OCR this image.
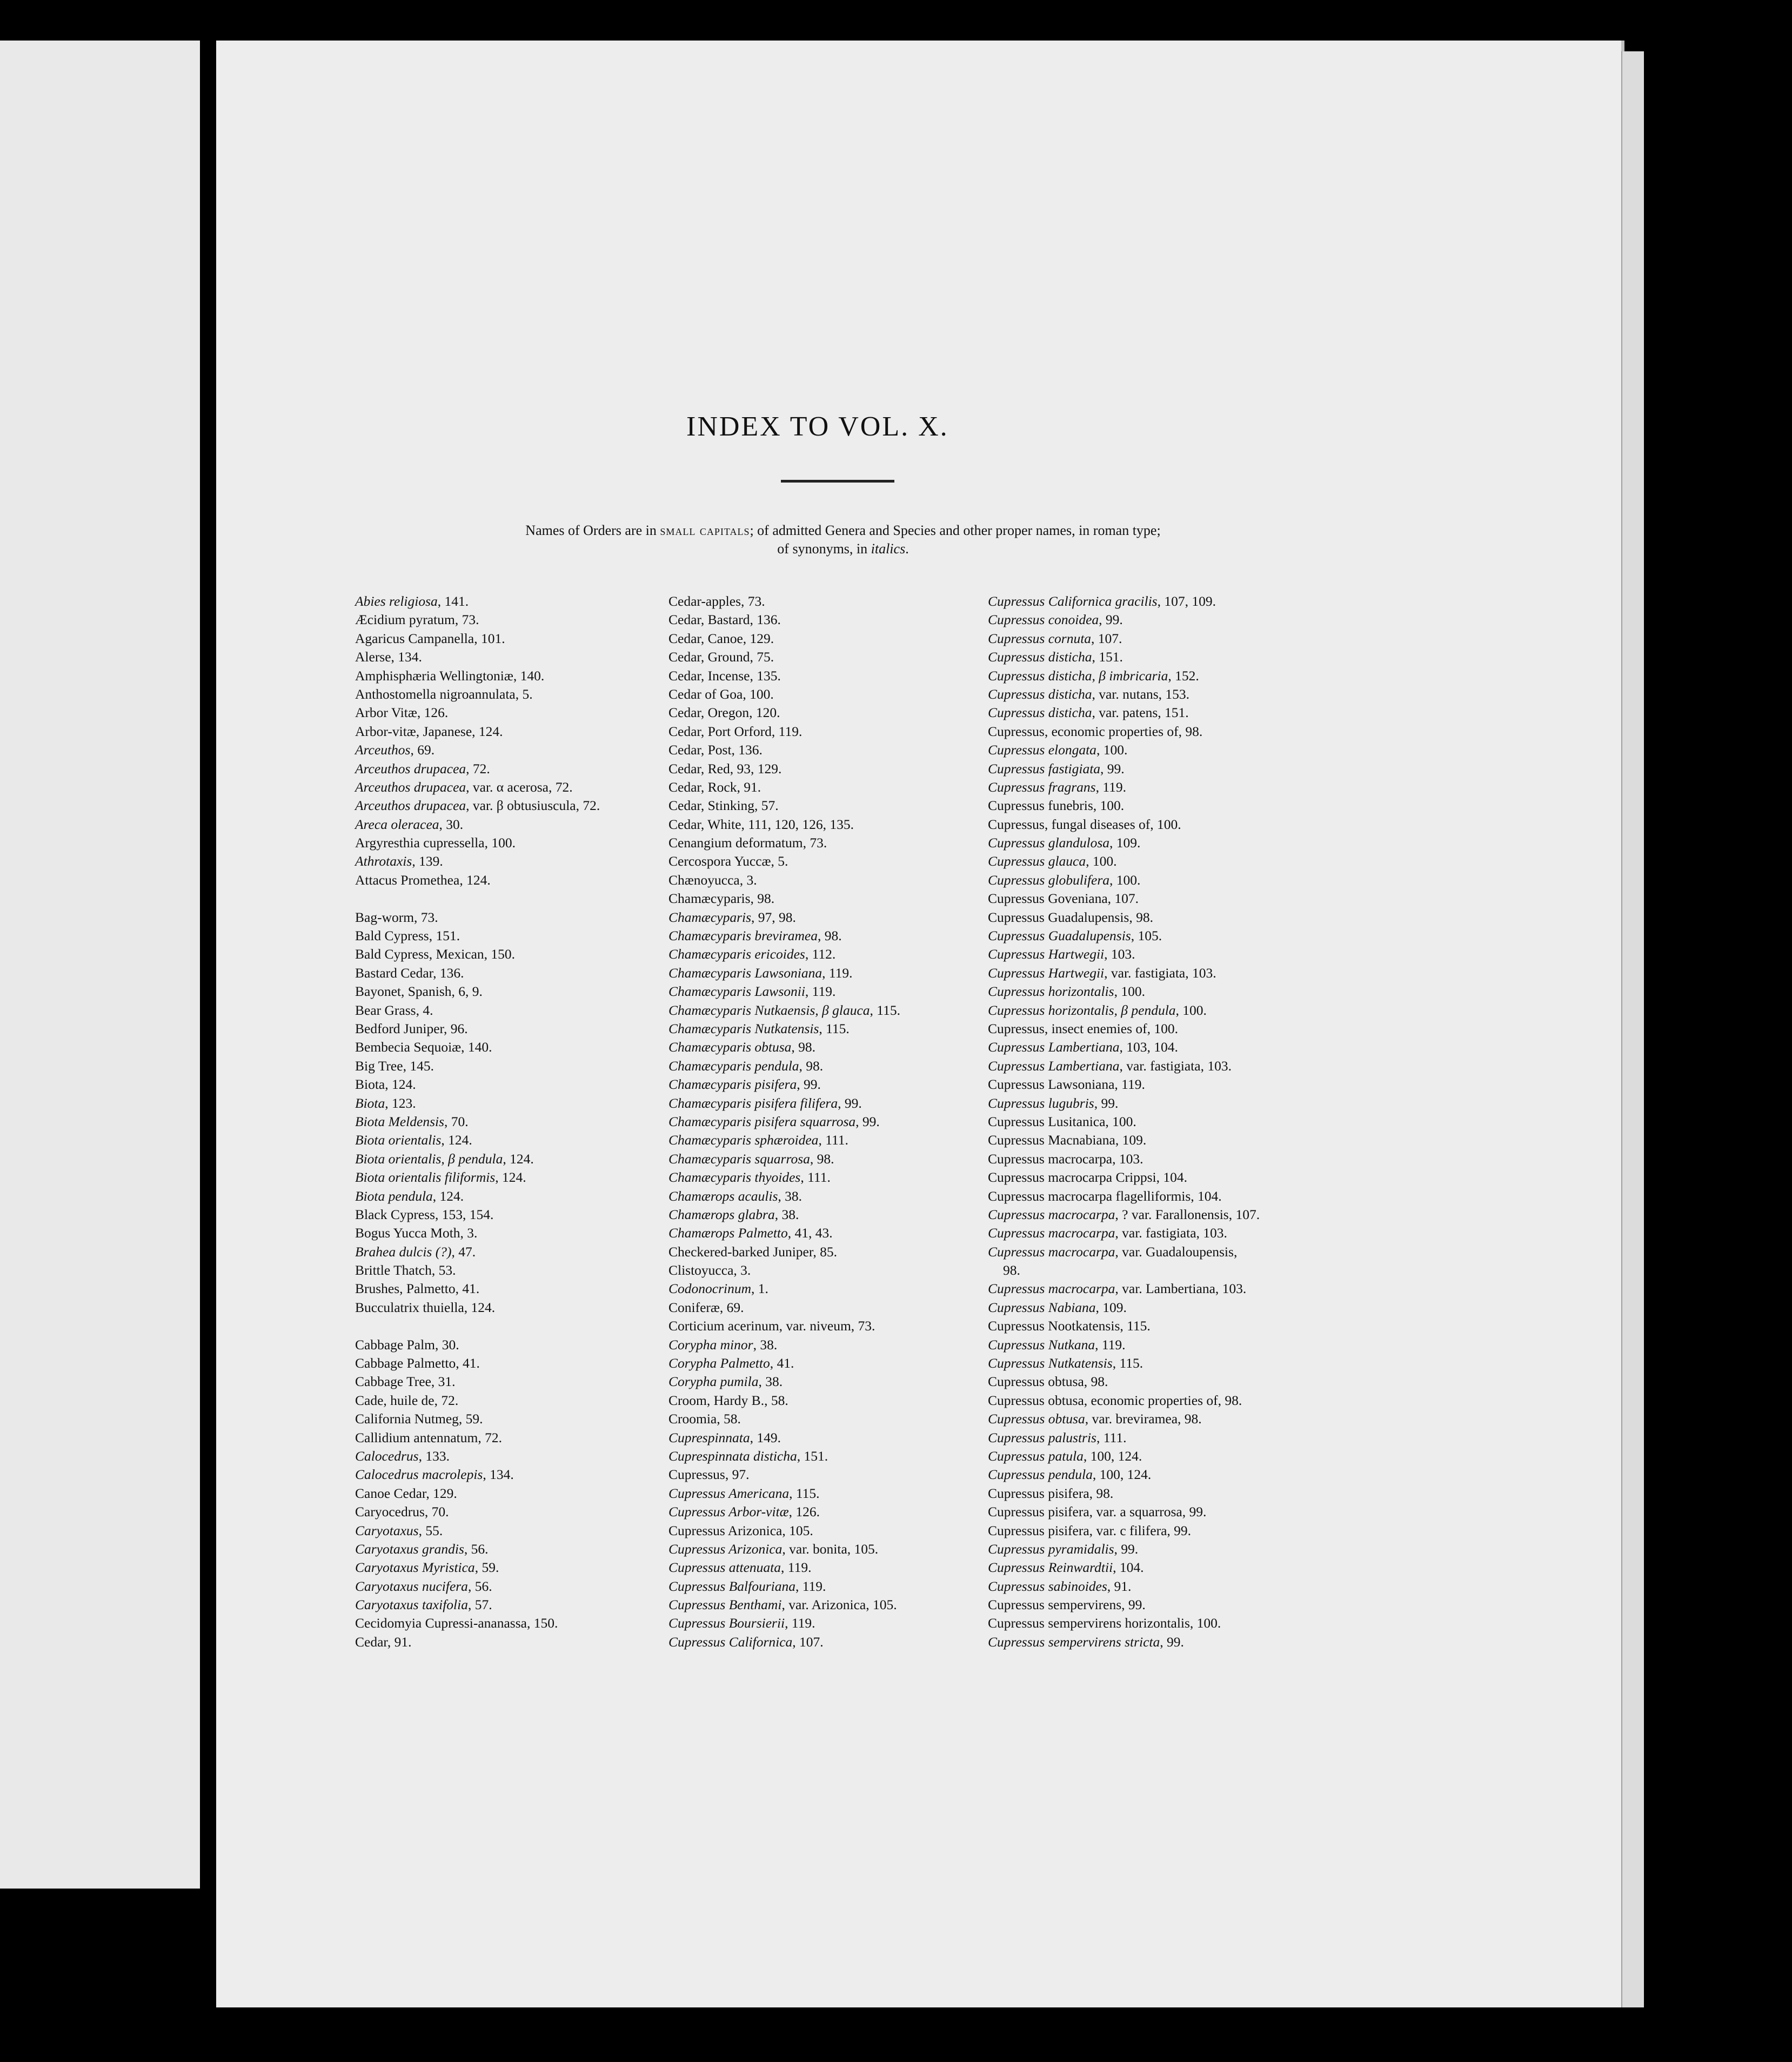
INDEX TO VOL. X.
Names of Orders are in small capitals; of admitted Genera and Species and other proper names, in roman type;
of synonyms, in italics.
Abies religiosa, 141.
Æcidium pyratum, 73.
Agaricus Campanella, 101.
Alerse, 134.
Amphisphæria Wellingtoniæ, 140.
Anthostomella nigroannulata, 5.
Arbor Vitæ, 126.
Arbor-vitæ, Japanese, 124.
Arceuthos, 69.
Arceuthos drupacea, 72.
Arceuthos drupacea, var. α acerosa, 72.
Arceuthos drupacea, var. β obtusiuscula, 72.
Areca oleracea, 30.
Argyresthia cupressella, 100.
Athrotaxis, 139.
Attacus Promethea, 124.
Bag-worm, 73.
Bald Cypress, 151.
Bald Cypress, Mexican, 150.
Bastard Cedar, 136.
Bayonet, Spanish, 6, 9.
Bear Grass, 4.
Bedford Juniper, 96.
Bembecia Sequoiæ, 140.
Big Tree, 145.
Biota, 124.
Biota, 123.
Biota Meldensis, 70.
Biota orientalis, 124.
Biota orientalis, β pendula, 124.
Biota orientalis filiformis, 124.
Biota pendula, 124.
Black Cypress, 153, 154.
Bogus Yucca Moth, 3.
Brahea dulcis (?), 47.
Brittle Thatch, 53.
Brushes, Palmetto, 41.
Bucculatrix thuiella, 124.
Cabbage Palm, 30.
Cabbage Palmetto, 41.
Cabbage Tree, 31.
Cade, huile de, 72.
California Nutmeg, 59.
Callidium antennatum, 72.
Calocedrus, 133.
Calocedrus macrolepis, 134.
Canoe Cedar, 129.
Caryocedrus, 70.
Caryotaxus, 55.
Caryotaxus grandis, 56.
Caryotaxus Myristica, 59.
Caryotaxus nucifera, 56.
Caryotaxus taxifolia, 57.
Cecidomyia Cupressi-ananassa, 150.
Cedar, 91.
Cedar-apples, 73.
Cedar, Bastard, 136.
Cedar, Canoe, 129.
Cedar, Ground, 75.
Cedar, Incense, 135.
Cedar of Goa, 100.
Cedar, Oregon, 120.
Cedar, Port Orford, 119.
Cedar, Post, 136.
Cedar, Red, 93, 129.
Cedar, Rock, 91.
Cedar, Stinking, 57.
Cedar, White, 111, 120, 126, 135.
Cenangium deformatum, 73.
Cercospora Yuccæ, 5.
Chænoyucca, 3.
Chamæcyparis, 98.
Chamæcyparis, 97, 98.
Chamæcyparis breviramea, 98.
Chamæcyparis ericoides, 112.
Chamæcyparis Lawsoniana, 119.
Chamæcyparis Lawsonii, 119.
Chamæcyparis Nutkaensis, β glauca, 115.
Chamæcyparis Nutkatensis, 115.
Chamæcyparis obtusa, 98.
Chamæcyparis pendula, 98.
Chamæcyparis pisifera, 99.
Chamæcyparis pisifera filifera, 99.
Chamæcyparis pisifera squarrosa, 99.
Chamæcyparis sphæroidea, 111.
Chamæcyparis squarrosa, 98.
Chamæcyparis thyoides, 111.
Chamærops acaulis, 38.
Chamærops glabra, 38.
Chamærops Palmetto, 41, 43.
Checkered-barked Juniper, 85.
Clistoyucca, 3.
Codonocrinum, 1.
Coniferæ, 69.
Corticium acerinum, var. niveum, 73.
Corypha minor, 38.
Corypha Palmetto, 41.
Corypha pumila, 38.
Croom, Hardy B., 58.
Croomia, 58.
Cuprespinnata, 149.
Cuprespinnata disticha, 151.
Cupressus, 97.
Cupressus Americana, 115.
Cupressus Arbor-vitæ, 126.
Cupressus Arizonica, 105.
Cupressus Arizonica, var. bonita, 105.
Cupressus attenuata, 119.
Cupressus Balfouriana, 119.
Cupressus Benthami, var. Arizonica, 105.
Cupressus Boursierii, 119.
Cupressus Californica, 107.
Cupressus Californica gracilis, 107, 109.
Cupressus conoidea, 99.
Cupressus cornuta, 107.
Cupressus disticha, 151.
Cupressus disticha, β imbricaria, 152.
Cupressus disticha, var. nutans, 153.
Cupressus disticha, var. patens, 151.
Cupressus, economic properties of, 98.
Cupressus elongata, 100.
Cupressus fastigiata, 99.
Cupressus fragrans, 119.
Cupressus funebris, 100.
Cupressus, fungal diseases of, 100.
Cupressus glandulosa, 109.
Cupressus glauca, 100.
Cupressus globulifera, 100.
Cupressus Goveniana, 107.
Cupressus Guadalupensis, 98.
Cupressus Guadalupensis, 105.
Cupressus Hartwegii, 103.
Cupressus Hartwegii, var. fastigiata, 103.
Cupressus horizontalis, 100.
Cupressus horizontalis, β pendula, 100.
Cupressus, insect enemies of, 100.
Cupressus Lambertiana, 103, 104.
Cupressus Lambertiana, var. fastigiata, 103.
Cupressus Lawsoniana, 119.
Cupressus lugubris, 99.
Cupressus Lusitanica, 100.
Cupressus Macnabiana, 109.
Cupressus macrocarpa, 103.
Cupressus macrocarpa Crippsi, 104.
Cupressus macrocarpa flagelliformis, 104.
Cupressus macrocarpa, ? var. Farallonensis, 107.
Cupressus macrocarpa, var. fastigiata, 103.
Cupressus macrocarpa, var. Guadaloupensis,
98.
Cupressus macrocarpa, var. Lambertiana, 103.
Cupressus Nabiana, 109.
Cupressus Nootkatensis, 115.
Cupressus Nutkana, 119.
Cupressus Nutkatensis, 115.
Cupressus obtusa, 98.
Cupressus obtusa, economic properties of, 98.
Cupressus obtusa, var. breviramea, 98.
Cupressus palustris, 111.
Cupressus patula, 100, 124.
Cupressus pendula, 100, 124.
Cupressus pisifera, 98.
Cupressus pisifera, var. a squarrosa, 99.
Cupressus pisifera, var. c filifera, 99.
Cupressus pyramidalis, 99.
Cupressus Reinwardtii, 104.
Cupressus sabinoides, 91.
Cupressus sempervirens, 99.
Cupressus sempervirens horizontalis, 100.
Cupressus sempervirens stricta, 99.
